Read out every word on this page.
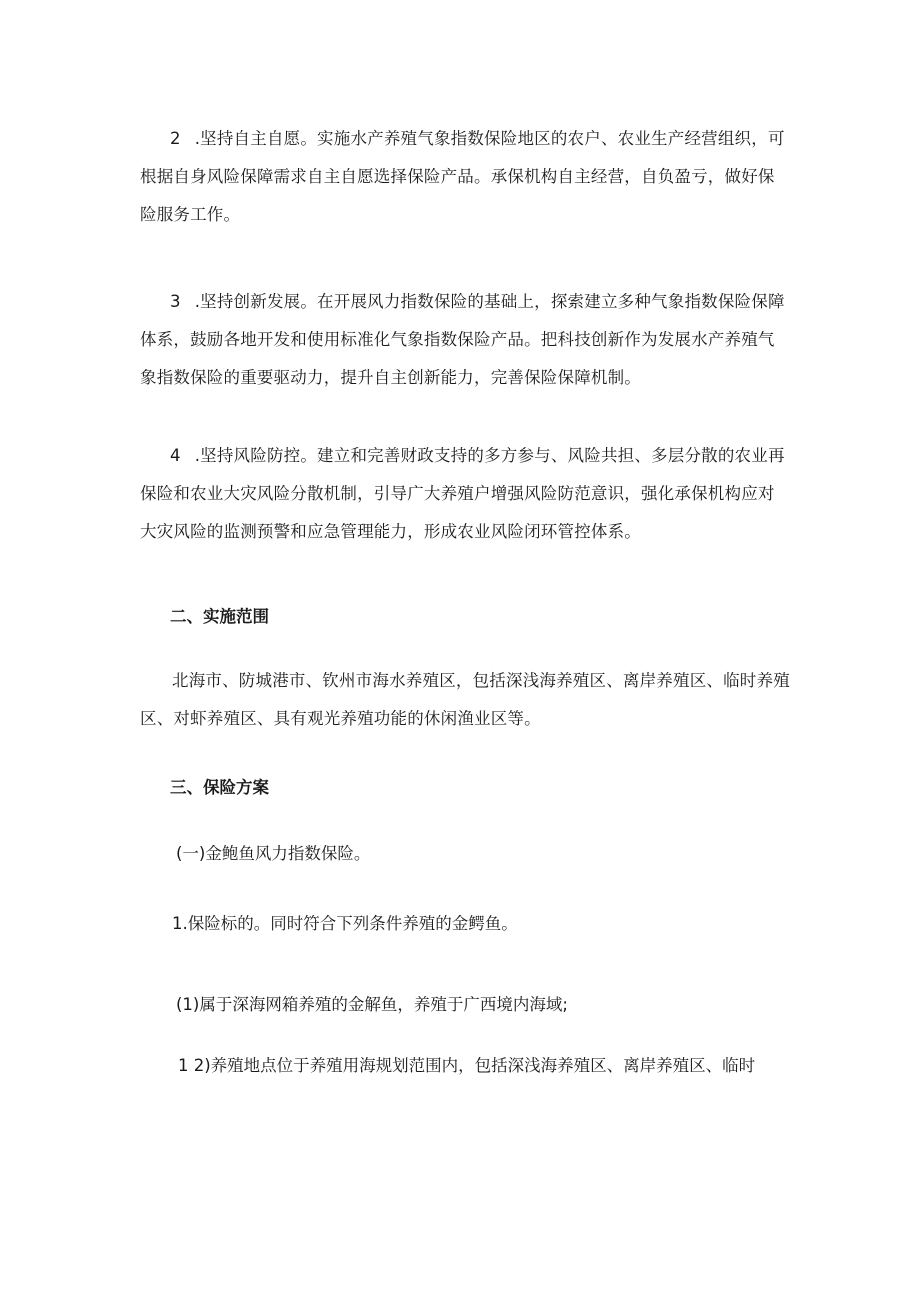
2 .坚持自主自愿。实施水产养殖气象指数保险地区的农户、农业生产经营组织，可根据自身风险保障需求自主自愿选择保险产品。承保机构自主经营，自负盈亏，做好保险服务工作。

3 .坚持创新发展。在开展风力指数保险的基础上，探索建立多种气象指数保险保障体系，鼓励各地开发和使用标准化气象指数保险产品。把科技创新作为发展水产养殖气象指数保险的重要驱动力，提升自主创新能力，完善保险保障机制。

4 .坚持风险防控。建立和完善财政支持的多方参与、风险共担、多层分散的农业再保险和农业大灾风险分散机制，引导广大养殖户增强风险防范意识，强化承保机构应对大灾风险的监测预警和应急管理能力，形成农业风险闭环管控体系。

二、实施范围

北海市、防城港市、钦州市海水养殖区，包括深浅海养殖区、离岸养殖区、临时养殖区、对虾养殖区、具有观光养殖功能的休闲渔业区等。

三、保险方案

(一)金鲍鱼风力指数保险。

1.保险标的。同时符合下列条件养殖的金鳄鱼。

(1)属于深海网箱养殖的金解鱼，养殖于广西境内海域;

1 2)养殖地点位于养殖用海规划范围内，包括深浅海养殖区、离岸养殖区、临时
